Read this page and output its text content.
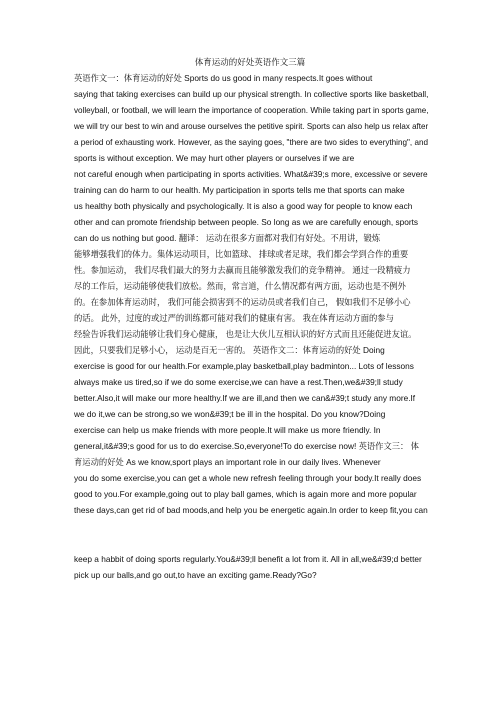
体育运动的好处英语作文三篇
英语作文一：体育运动的好处 Sports do us good in many respects.It goes without
saying that taking exercises can build up our physical strength. In collective sports like basketball,
volleyball, or football, we will learn the importance of cooperation. While taking part in sports game,
we will try our best to win and arouse ourselves the petitive spirit. Sports can also help us relax after
a period of exhausting work. However, as the saying goes, "there are two sides to everything", and
sports is without exception. We may hurt other players or ourselves if we are
not careful enough when participating in sports activities. What&#39;s more, excessive or severe
training can do harm to our health. My participation in sports tells me that sports can make
us healthy both physically and psychologically. It is also a good way for people to know each
other and can promote friendship between people. So long as we are carefully enough, sports
can do us nothing but good. 翻译： 运动在很多方面都对我们有好处。不用讲，锻炼
能够增强我们的体力。集体运动项目，比如篮球、 排球或者足球，我们都会学到合作的重要
性。参加运动， 我们尽我们最大的努力去赢而且能够激发我们的竞争精神。 通过一段精疲力
尽的工作后，运动能够使我们放松。然而，常言道，什么情况都有两方面，运动也是不例外
的。在参加体育运动时， 我们可能会损害到不的运动员或者我们自己， 假如我们不足够小心
的话。 此外，过度的或过严的训练都可能对我们的健康有害。 我在体育运动方面的参与
经验告诉我们运动能够让我们身心健康， 也是让大伙儿互相认识的好方式而且还能促进友谊。
因此，只要我们足够小心， 运动是百无一害的。 英语作文二：体育运动的好处 Doing
exercise is good for our health.For example,play basketball,play badminton... Lots of lessons
always make us tired,so if we do some exercise,we can have a rest.Then,we&#39;ll study
better.Also,it will make our more healthy.If we are ill,and then we can&#39;t study any more.If
we do it,we can be strong,so we won&#39;t be ill in the hospital. Do you know?Doing
exercise can help us make friends with more people.It will make us more friendly. In
general,it&#39;s good for us to do exercise.So,everyone!To do exercise now! 英语作文三： 体
育运动的好处 As we know,sport plays an important role in our daily lives. Whenever
you do some exercise,you can get a whole new refresh feeling through your body.It really does
good to you.For example,going out to play ball games, which is again more and more popular
these days,can get rid of bad moods,and help you be energetic again.In order to keep fit,you can
keep a habbit of doing sports regularly.You&#39;ll benefit a lot from it. All in all,we&#39;d better
pick up our balls,and go out,to have an exciting game.Ready?Go?
